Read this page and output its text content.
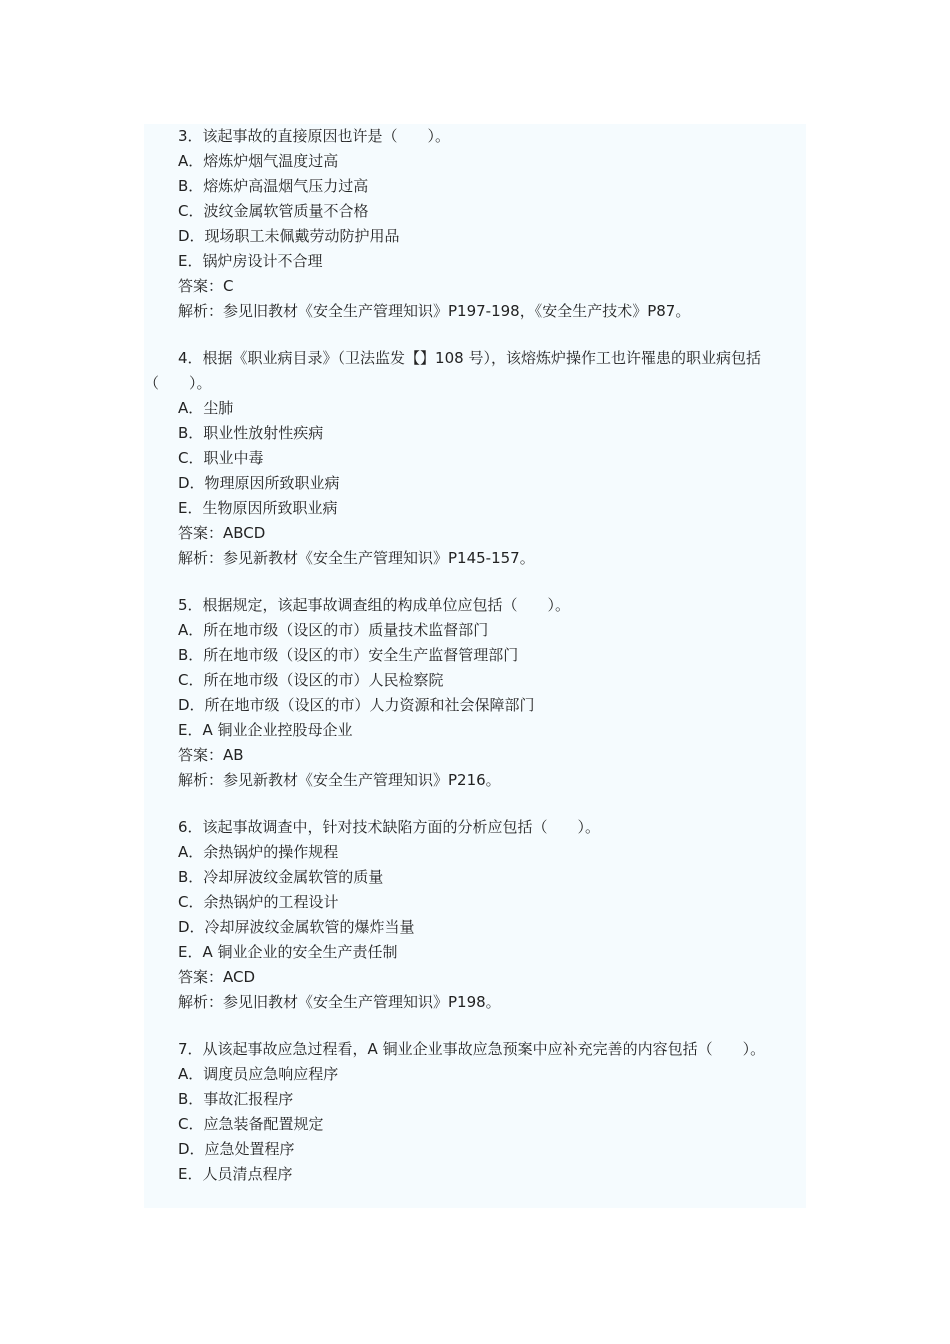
3．该起事故的直接原因也许是（　　）。

A．熔炼炉烟气温度过高

B．熔炼炉高温烟气压力过高

C．波纹金属软管质量不合格

D．现场职工未佩戴劳动防护用品

E．锅炉房设计不合理

答案：C

解析：参见旧教材《安全生产管理知识》P197-198，《安全生产技术》P87。

4．根据《职业病目录》（卫法监发【】108 号），该熔炼炉操作工也许罹患的职业病包括（　　）。

A．尘肺

B．职业性放射性疾病

C．职业中毒

D．物理原因所致职业病

E．生物原因所致职业病

答案：ABCD

解析：参见新教材《安全生产管理知识》P145-157。

5．根据规定，该起事故调查组的构成单位应包括（　　）。

A．所在地市级（设区的市）质量技术监督部门

B．所在地市级（设区的市）安全生产监督管理部门

C．所在地市级（设区的市）人民检察院

D．所在地市级（设区的市）人力资源和社会保障部门

E．A 铜业企业控股母企业

答案：AB

解析：参见新教材《安全生产管理知识》P216。

6．该起事故调查中，针对技术缺陷方面的分析应包括（　　）。

A．余热锅炉的操作规程

B．冷却屏波纹金属软管的质量

C．余热锅炉的工程设计

D．冷却屏波纹金属软管的爆炸当量

E．A 铜业企业的安全生产责任制

答案：ACD

解析：参见旧教材《安全生产管理知识》P198。

7．从该起事故应急过程看，A 铜业企业事故应急预案中应补充完善的内容包括（　　）。

A．调度员应急响应程序

B．事故汇报程序

C．应急装备配置规定

D．应急处置程序

E．人员清点程序
